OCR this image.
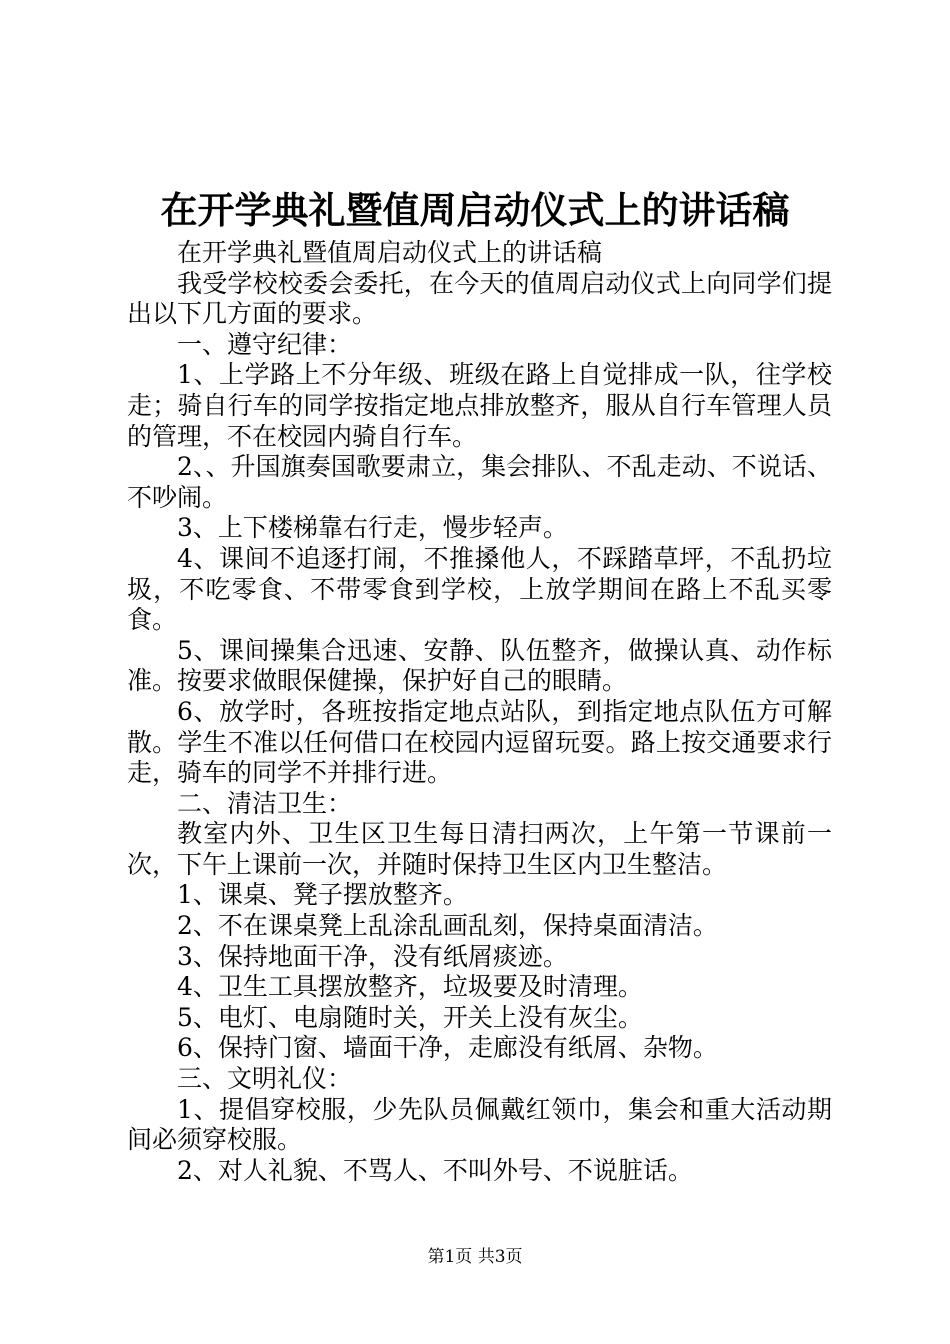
在开学典礼暨值周启动仪式上的讲话稿

在开学典礼暨值周启动仪式上的讲话稿

我受学校校委会委托，在今天的值周启动仪式上向同学们提出以下几方面的要求。

一、遵守纪律：

1、上学路上不分年级、班级在路上自觉排成一队，往学校走；骑自行车的同学按指定地点排放整齐，服从自行车管理人员的管理，不在校园内骑自行车。

2、、升国旗奏国歌要肃立，集会排队、不乱走动、不说话、不吵闹。

3、上下楼梯靠右行走，慢步轻声。

4、课间不追逐打闹，不推搡他人，不踩踏草坪，不乱扔垃圾，不吃零食、不带零食到学校，上放学期间在路上不乱买零食。

5、课间操集合迅速、安静、队伍整齐，做操认真、动作标准。按要求做眼保健操，保护好自己的眼睛。

6、放学时，各班按指定地点站队，到指定地点队伍方可解散。学生不准以任何借口在校园内逗留玩耍。路上按交通要求行走，骑车的同学不并排行进。

二、清洁卫生：

教室内外、卫生区卫生每日清扫两次，上午第一节课前一次，下午上课前一次，并随时保持卫生区内卫生整洁。

1、课桌、凳子摆放整齐。

2、不在课桌凳上乱涂乱画乱刻，保持桌面清洁。

3、保持地面干净，没有纸屑痰迹。

4、卫生工具摆放整齐，垃圾要及时清理。

5、电灯、电扇随时关，开关上没有灰尘。

6、保持门窗、墙面干净，走廊没有纸屑、杂物。

三、文明礼仪：

1、提倡穿校服，少先队员佩戴红领巾，集会和重大活动期间必须穿校服。

2、对人礼貌、不骂人、不叫外号、不说脏话。

第1页 共3页
